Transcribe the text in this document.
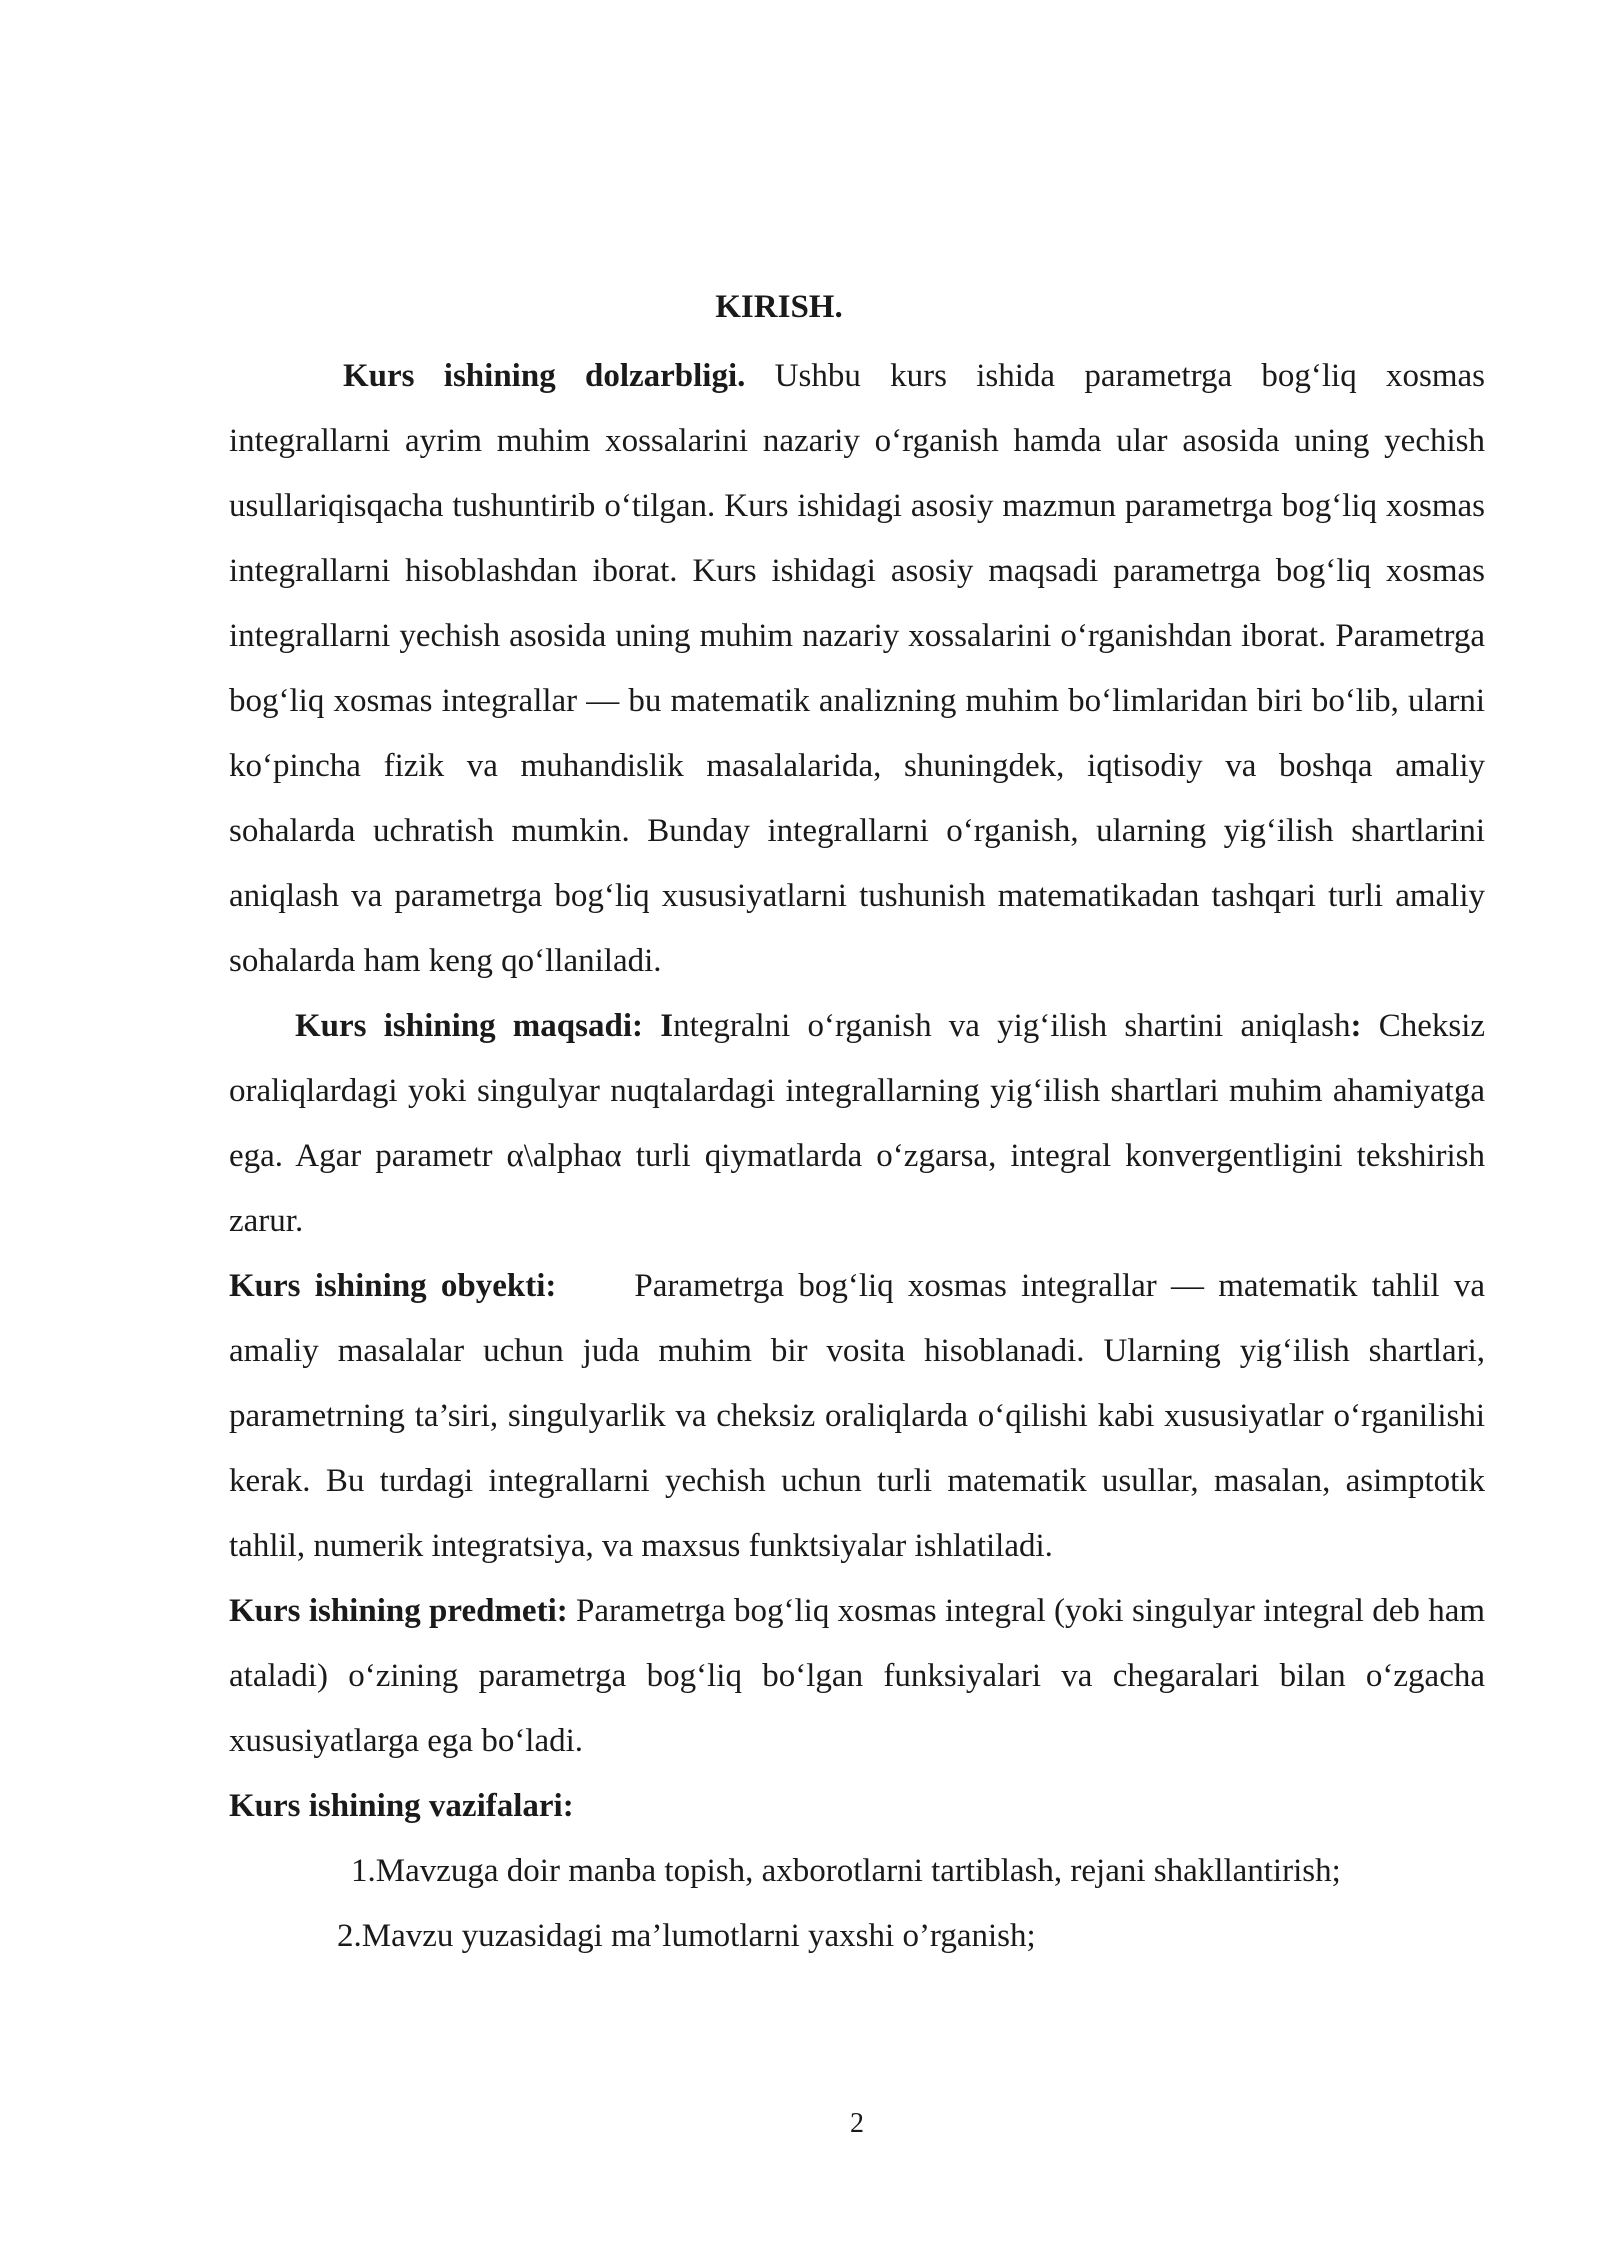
KIRISH.

Kurs ishining dolzarbligi. Ushbu kurs ishida parametrga bog‘liq xosmas integrallarni ayrim muhim xossalarini nazariy o‘rganish hamda ular asosida uning yechish usullariqisqacha tushuntirib o‘tilgan. Kurs ishidagi asosiy mazmun parametrga bog‘liq xosmas integrallarni hisoblashdan iborat. Kurs ishidagi asosiy maqsadi parametrga bog‘liq xosmas integrallarni yechish asosida uning muhim nazariy xossalarini o‘rganishdan iborat. Parametrga bog‘liq xosmas integrallar — bu matematik analizning muhim bo‘limlaridan biri bo‘lib, ularni ko‘pincha fizik va muhandislik masalalarida, shuningdek, iqtisodiy va boshqa amaliy sohalarda uchratish mumkin. Bunday integrallarni o‘rganish, ularning yig‘ilish shartlarini aniqlash va parametrga bog‘liq xususiyatlarni tushunish matematikadan tashqari turli amaliy sohalarda ham keng qo‘llaniladi.

Kurs ishining maqsadi: Integralni o‘rganish va yig‘ilish shartini aniqlash: Cheksiz oraliqlardagi yoki singulyar nuqtalardagi integrallarning yig‘ilish shartlari muhim ahamiyatga ega. Agar parametr α\alphaα turli qiymatlarda o‘zgarsa, integral konvergentligini tekshirish zarur.

Kurs ishining obyekti: Parametrga bog‘liq xosmas integrallar — matematik tahlil va amaliy masalalar uchun juda muhim bir vosita hisoblanadi. Ularning yig‘ilish shartlari, parametrning ta’siri, singulyarlik va cheksiz oraliqlarda o‘qilishi kabi xususiyatlar o‘rganilishi kerak. Bu turdagi integrallarni yechish uchun turli matematik usullar, masalan, asimptotik tahlil, numerik integratsiya, va maxsus funktsiyalar ishlatiladi.

Kurs ishining predmeti: Parametrga bog‘liq xosmas integral (yoki singulyar integral deb ham ataladi) o‘zining parametrga bog‘liq bo‘lgan funksiyalari va chegaralari bilan o‘zgacha xususiyatlarga ega bo‘ladi.

Kurs ishining vazifalari:

1.Mavzuga doir manba topish, axborotlarni tartiblash, rejani shakllantirish;

2.Mavzu yuzasidagi ma’lumotlarni yaxshi o’rganish;

2
